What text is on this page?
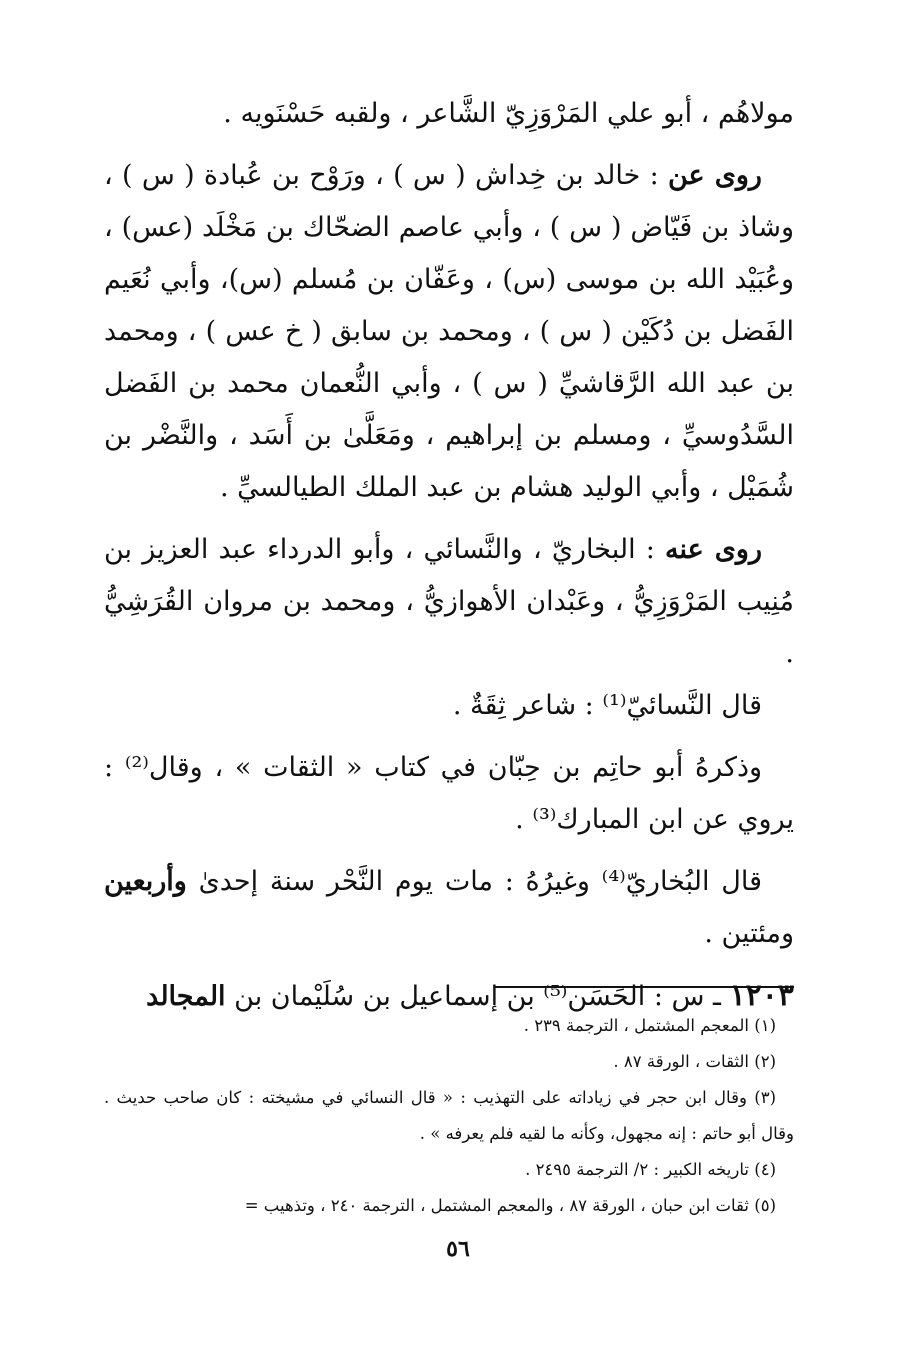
مولاهُم ، أبو علي المَرْوَزِيّ الشَّاعر ، ولقبه حَسْنَويه .

روى عن : خالد بن خِداش ( س ) ، ورَوْح بن عُبادة ( س ) ، وشاذ بن فَيّاض ( س ) ، وأبي عاصم الضحّاك بن مَخْلَد (عس) ، وعُبَيْد الله بن موسى (س) ، وعَفّان بن مُسلم (س)، وأبي نُعَيم الفَضل بن دُكَيْن ( س ) ، ومحمد بن سابق ( خ عس ) ، ومحمد بن عبد الله الرَّقاشيِّ ( س ) ، وأبي النُّعمان محمد بن الفَضل السَّدُوسيِّ ، ومسلم بن إبراهيم ، ومَعَلَّىٰ بن أَسَد ، والنَّضْر بن شُمَيْل ، وأبي الوليد هشام بن عبد الملك الطيالسيِّ .

روى عنه : البخاريّ ، والنَّسائي ، وأبو الدرداء عبد العزيز بن مُنِيب المَرْوَزِيُّ ، وعَبْدان الأهوازيُّ ، ومحمد بن مروان القُرَشِيُّ .

قال النَّسائيّ⁽¹⁾ : شاعر ثِقَةٌ .

وذكرهُ أبو حاتِم بن حِبّان في كتاب « الثقات » ، وقال⁽²⁾ : يروي عن ابن المبارك⁽³⁾ .

قال البُخاريّ⁽⁴⁾ وغيرُهُ : مات يوم النَّحْر سنة إحدىٰ وأربعين ومئتين .

١٢٠٣ ـ س : الحَسَن⁽⁵⁾ بن إسماعيل بن سُلَيْمان بن المجالد

(١) المعجم المشتمل ، الترجمة ٢٣٩ .

(٢) الثقات ، الورقة ٨٧ .

(٣) وقال ابن حجر في زياداته على التهذيب : « قال النسائي في مشيخته : كان صاحب حديث . وقال أبو حاتم : إنه مجهول، وكأنه ما لقيه فلم يعرفه » .

(٤) تاريخه الكبير : ٢/ الترجمة ٢٤٩٥ .

(٥) ثقات ابن حبان ، الورقة ٨٧ ، والمعجم المشتمل ، الترجمة ٢٤٠ ، وتذهيب =

٥٦
